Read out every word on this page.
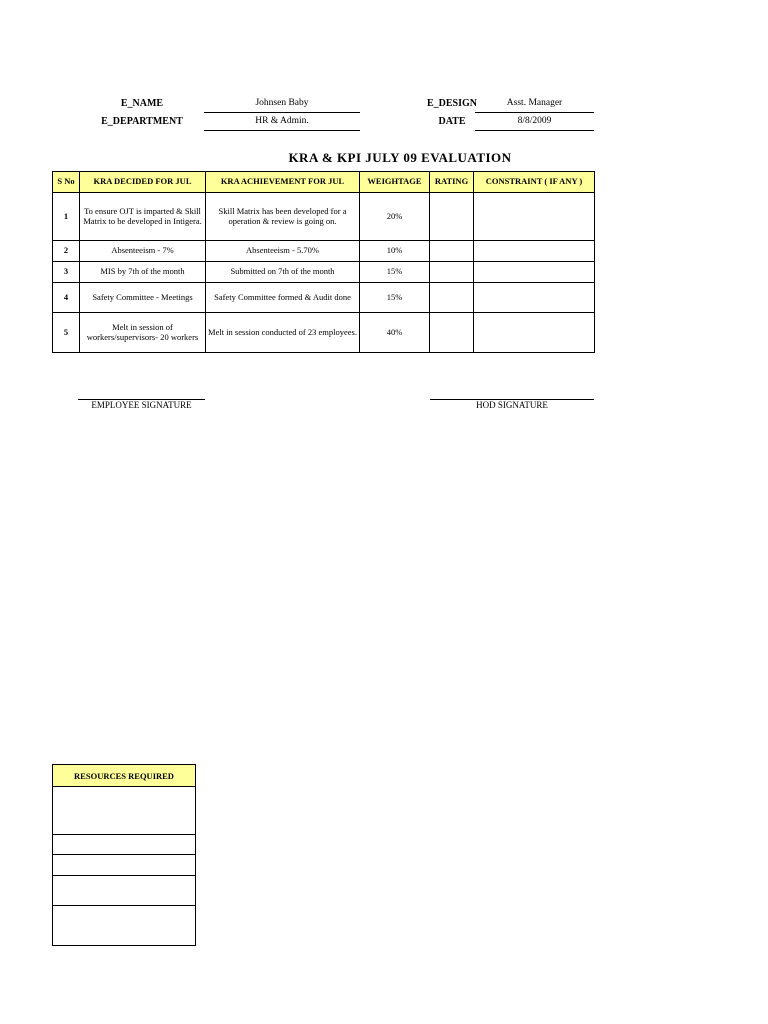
E_NAME	Johnsen Baby	E_DESIGN	Asst. Manager
E_DEPARTMENT	HR & Admin.	DATE	8/8/2009
KRA & KPI JULY 09 EVALUATION
S No	KRA DECIDED FOR JUL	KRA ACHIEVEMENT FOR JUL	WEIGHTAGE	RATING	CONSTRAINT ( IF ANY )
1	To ensure OJT is imparted & Skill Matrix to be developed in Intigera.	Skill Matrix has been developed for a operation & review is going on.	20%		
2	Absenteeism - 7%	Absenteeism - 5.70%	10%		
3	MIS by 7th of the month	Submitted on 7th of the month	15%		
4	Safety Committee - Meetings	Safety Committee formed & Audit done	15%		
5	Melt in session of workers/supervisors- 20 workers	Melt in session conducted of 23 employees.	40%		
EMPLOYEE SIGNATURE	HOD SIGNATURE
RESOURCES REQUIRED
